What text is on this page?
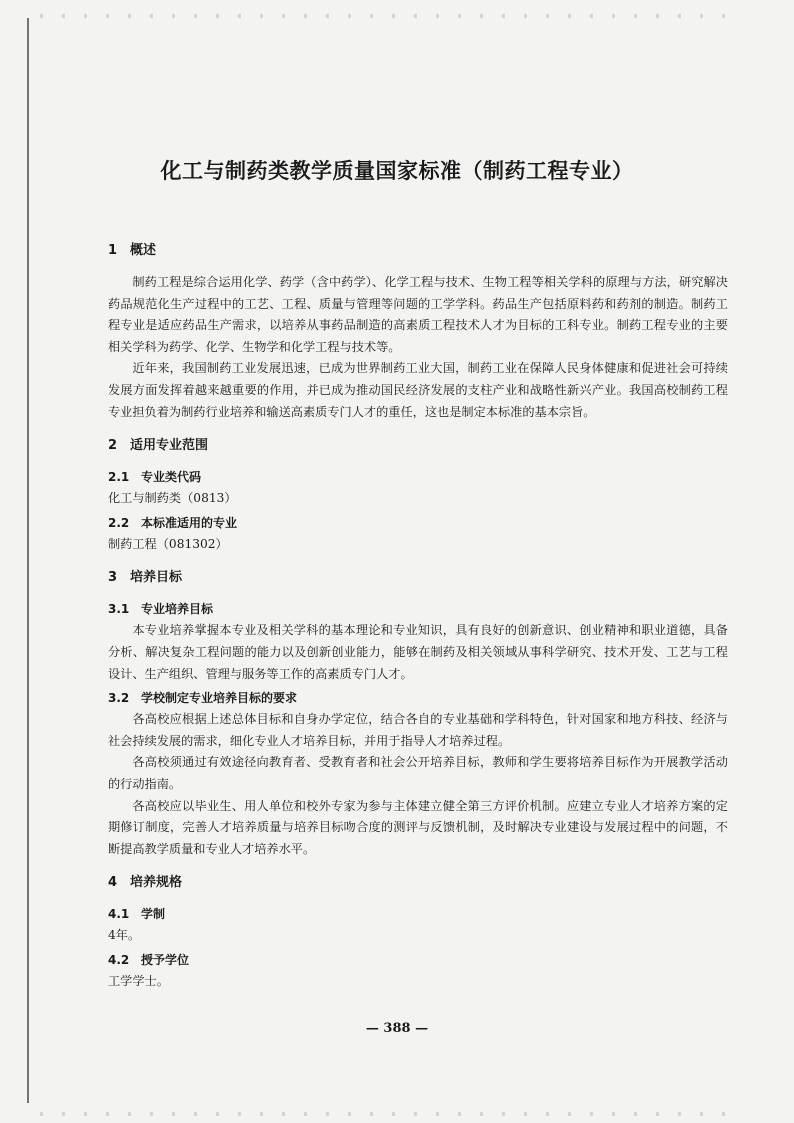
化工与制药类教学质量国家标准（制药工程专业）
1 概述

制药工程是综合运用化学、药学（含中药学）、化学工程与技术、生物工程等相关学科的原理与方法，研究解决药品规范化生产过程中的工艺、工程、质量与管理等问题的工学学科。药品生产包括原料药和药剂的制造。制药工程专业是适应药品生产需求，以培养从事药品制造的高素质工程技术人才为目标的工科专业。制药工程专业的主要相关学科为药学、化学、生物学和化学工程与技术等。

近年来，我国制药工业发展迅速，已成为世界制药工业大国，制药工业在保障人民身体健康和促进社会可持续发展方面发挥着越来越重要的作用，并已成为推动国民经济发展的支柱产业和战略性新兴产业。我国高校制药工程专业担负着为制药行业培养和输送高素质专门人才的重任，这也是制定本标准的基本宗旨。

2 适用专业范围
2.1 专业类代码

化工与制药类（0813）

2.2 本标准适用的专业

制药工程（081302）

3 培养目标
3.1 专业培养目标

本专业培养掌握本专业及相关学科的基本理论和专业知识，具有良好的创新意识、创业精神和职业道德，具备分析、解决复杂工程问题的能力以及创新创业能力，能够在制药及相关领域从事科学研究、技术开发、工艺与工程设计、生产组织、管理与服务等工作的高素质专门人才。

3.2 学校制定专业培养目标的要求

各高校应根据上述总体目标和自身办学定位，结合各自的专业基础和学科特色，针对国家和地方科技、经济与社会持续发展的需求，细化专业人才培养目标，并用于指导人才培养过程。

各高校须通过有效途径向教育者、受教育者和社会公开培养目标，教师和学生要将培养目标作为开展教学活动的行动指南。

各高校应以毕业生、用人单位和校外专家为参与主体建立健全第三方评价机制。应建立专业人才培养方案的定期修订制度，完善人才培养质量与培养目标吻合度的测评与反馈机制，及时解决专业建设与发展过程中的问题，不断提高教学质量和专业人才培养水平。

4 培养规格
4.1 学制

4年。

4.2 授予学位

工学学士。

— 388 —
